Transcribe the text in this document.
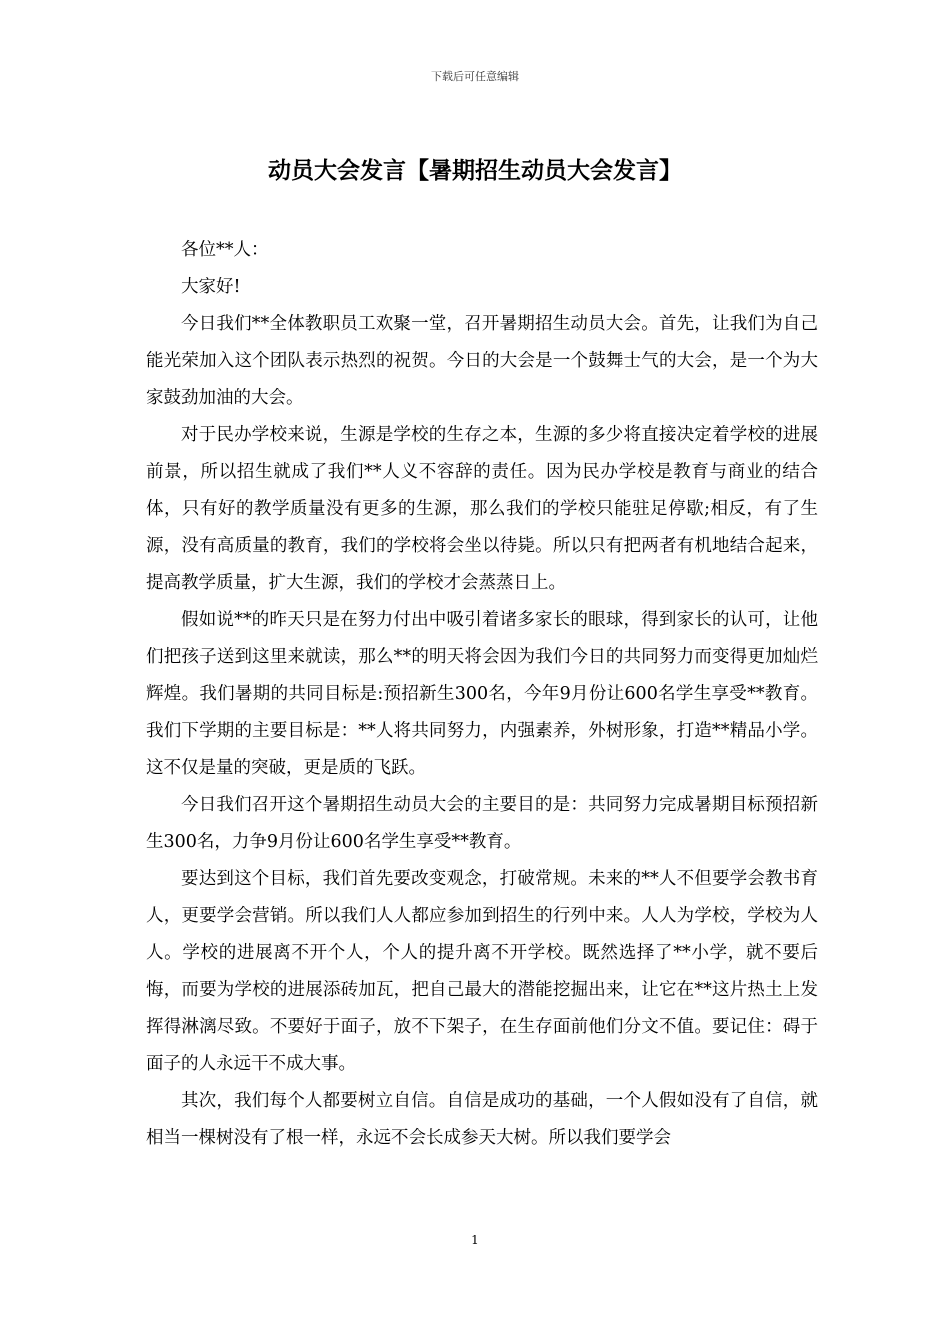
下载后可任意编辑
动员大会发言【暑期招生动员大会发言】

各位**人：

大家好!

今日我们**全体教职员工欢聚一堂，召开暑期招生动员大会。首先，让我们为自己能光荣加入这个团队表示热烈的祝贺。今日的大会是一个鼓舞士气的大会，是一个为大家鼓劲加油的大会。

对于民办学校来说，生源是学校的生存之本，生源的多少将直接决定着学校的进展前景，所以招生就成了我们**人义不容辞的责任。因为民办学校是教育与商业的结合体，只有好的教学质量没有更多的生源，那么我们的学校只能驻足停歇;相反，有了生源，没有高质量的教育，我们的学校将会坐以待毙。所以只有把两者有机地结合起来，提高教学质量，扩大生源，我们的学校才会蒸蒸日上。

假如说**的昨天只是在努力付出中吸引着诸多家长的眼球，得到家长的认可，让他们把孩子送到这里来就读，那么**的明天将会因为我们今日的共同努力而变得更加灿烂辉煌。我们暑期的共同目标是:预招新生300名，今年9月份让600名学生享受**教育。我们下学期的主要目标是：**人将共同努力，内强素养，外树形象，打造**精品小学。这不仅是量的突破，更是质的飞跃。

今日我们召开这个暑期招生动员大会的主要目的是：共同努力完成暑期目标预招新生300名，力争9月份让600名学生享受**教育。

要达到这个目标，我们首先要改变观念，打破常规。未来的**人不但要学会教书育人，更要学会营销。所以我们人人都应参加到招生的行列中来。人人为学校，学校为人人。学校的进展离不开个人，个人的提升离不开学校。既然选择了**小学，就不要后悔，而要为学校的进展添砖加瓦，把自己最大的潜能挖掘出来，让它在**这片热土上发挥得淋漓尽致。不要好于面子，放不下架子，在生存面前他们分文不值。要记住：碍于面子的人永远干不成大事。

其次，我们每个人都要树立自信。自信是成功的基础，一个人假如没有了自信，就相当一棵树没有了根一样，永远不会长成参天大树。所以我们要学会

1
